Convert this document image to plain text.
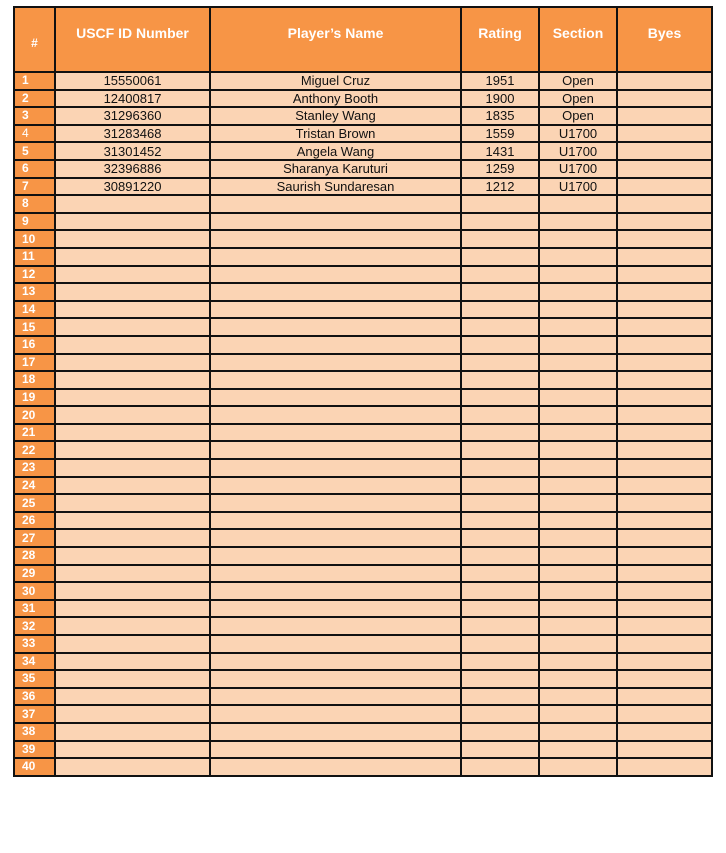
#	USCF ID Number	Player’s Name	Rating	Section	Byes
1	15550061	Miguel Cruz	1951	Open	
2	12400817	Anthony Booth	1900	Open	
3	31296360	Stanley Wang	1835	Open	
4	31283468	Tristan Brown	1559	U1700	
5	31301452	Angela Wang	1431	U1700	
6	32396886	Sharanya Karuturi	1259	U1700	
7	30891220	Saurish Sundaresan	1212	U1700	
8					
9					
10					
11					
12					
13					
14					
15					
16					
17					
18					
19					
20					
21					
22					
23					
24					
25					
26					
27					
28					
29					
30					
31					
32					
33					
34					
35					
36					
37					
38					
39					
40					
